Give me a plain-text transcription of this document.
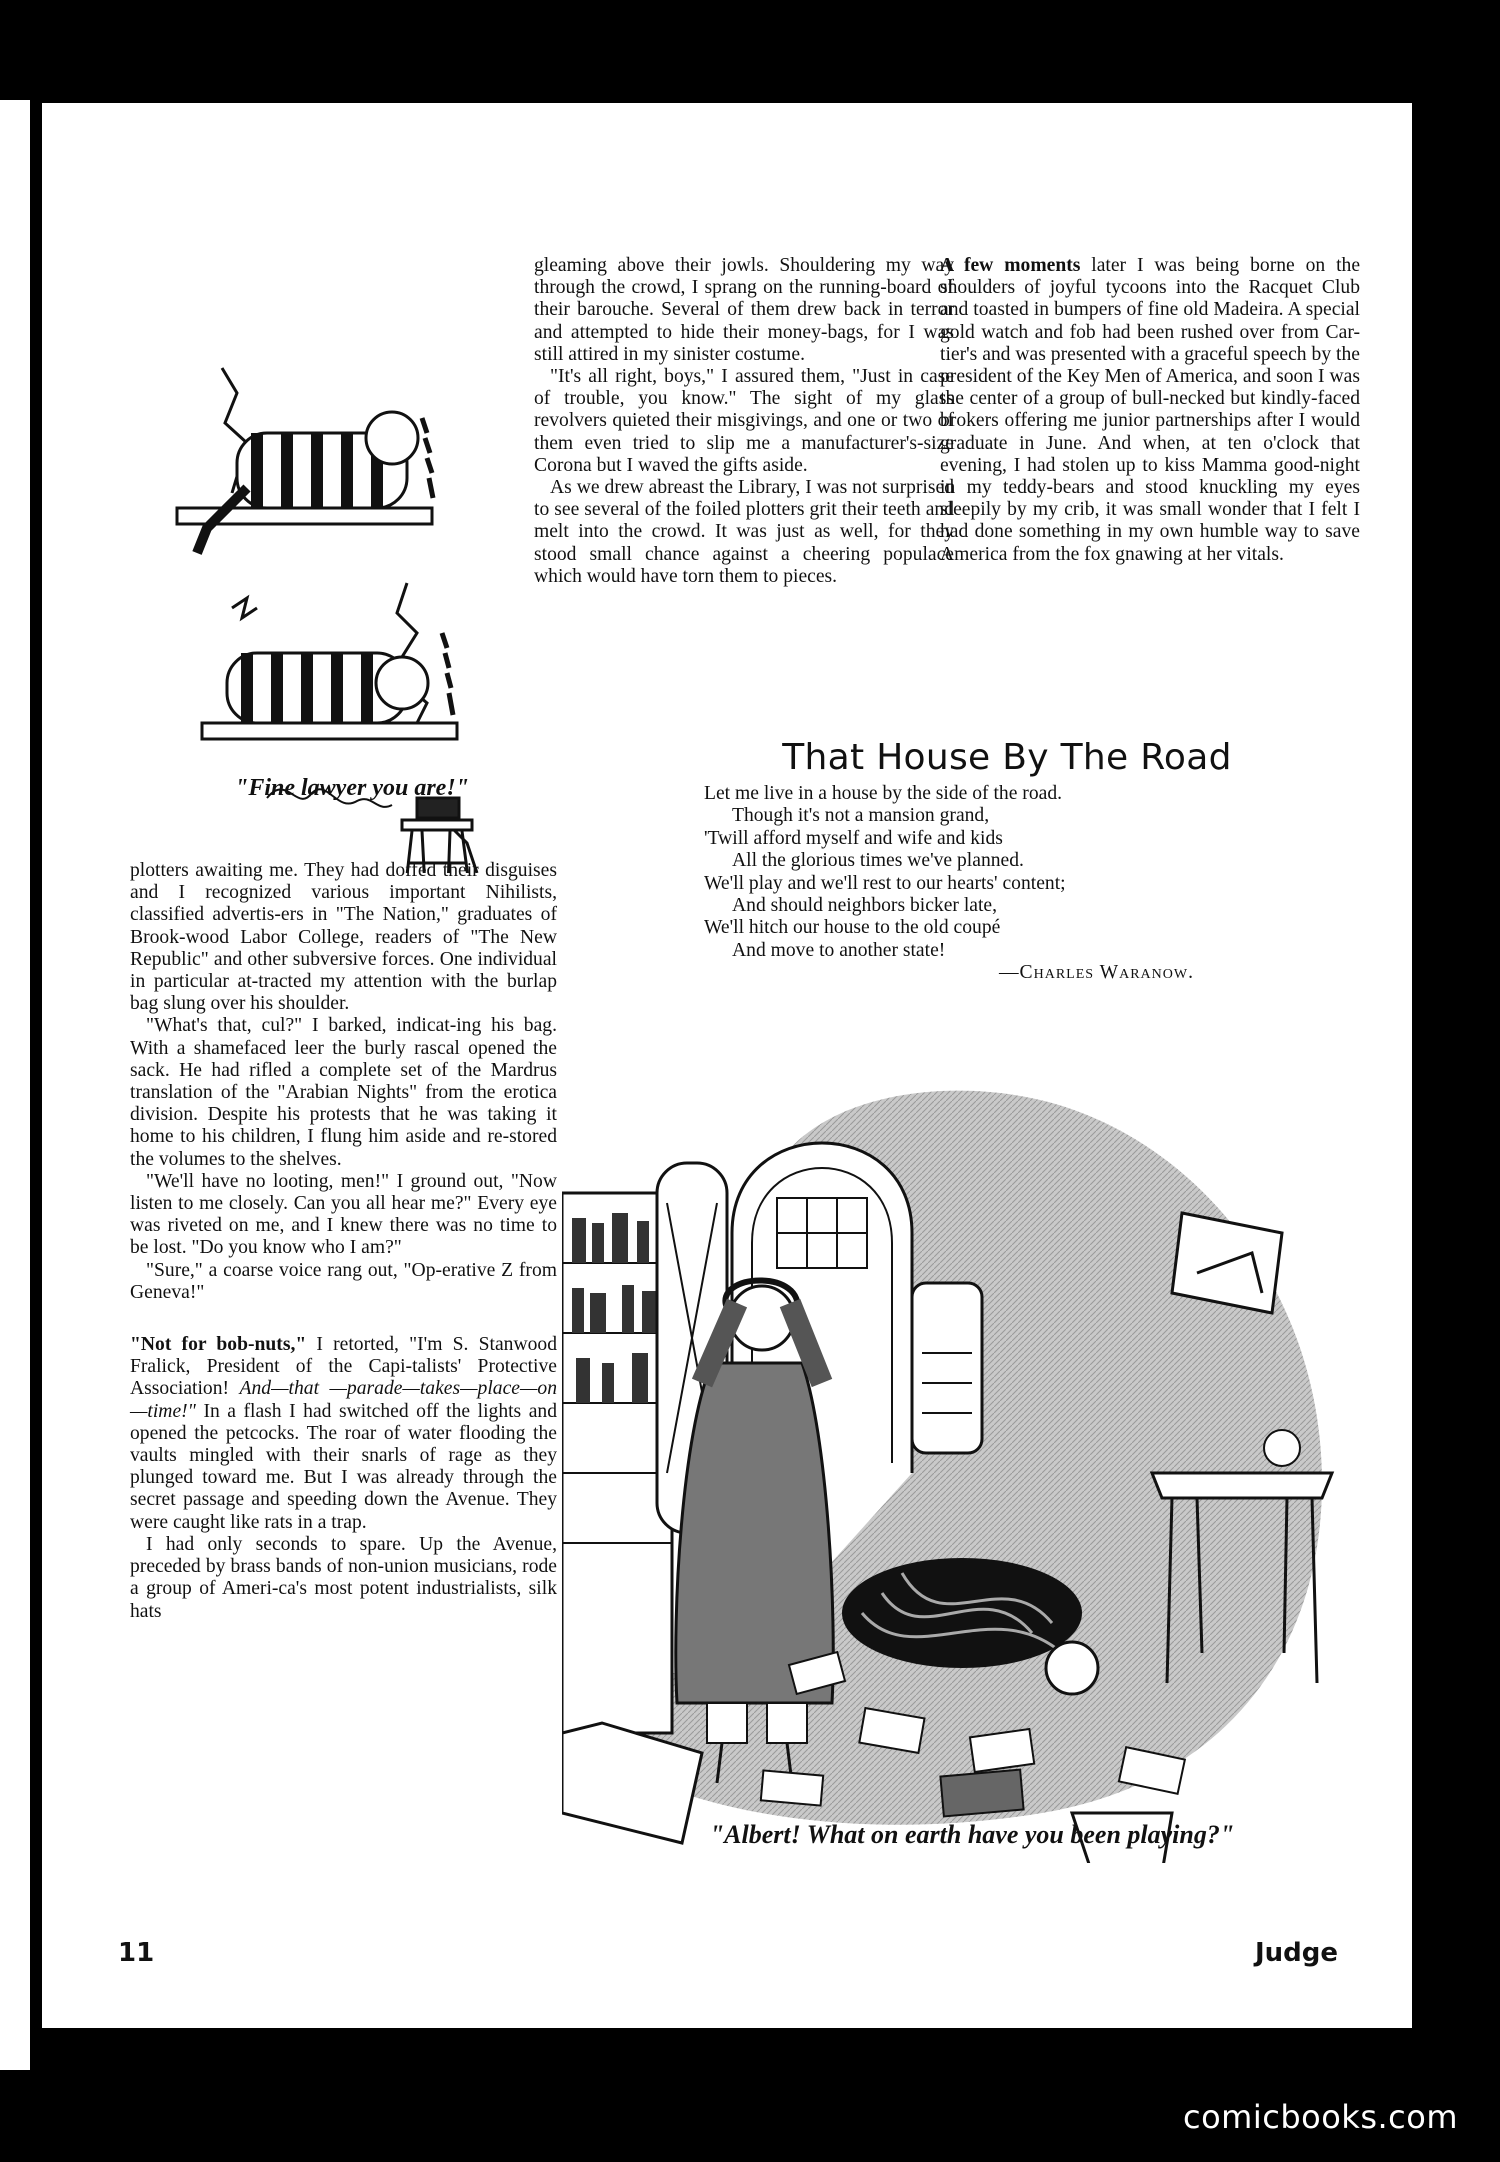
"Fine lawyer you are!"

plotters awaiting me. They had doffed their disguises and I recognized various important Nihilists, classified advertis-ers in "The Nation," graduates of Brook-wood Labor College, readers of "The New Republic" and other subversive forces. One individual in particular at-tracted my attention with the burlap bag slung over his shoulder.

"What's that, cul?" I barked, indicat-ing his bag. With a shamefaced leer the burly rascal opened the sack. He had rifled a complete set of the Mardrus translation of the "Arabian Nights" from the erotica division. Despite his protests that he was taking it home to his children, I flung him aside and re-stored the volumes to the shelves.

"We'll have no looting, men!" I ground out, "Now listen to me closely. Can you all hear me?" Every eye was riveted on me, and I knew there was no time to be lost. "Do you know who I am?"

"Sure," a coarse voice rang out, "Op-erative Z from Geneva!"

"Not for bob-nuts," I retorted, "I'm S. Stanwood Fralick, President of the Capi-talists' Protective Association! And—that —parade—takes—place—on—time!" In a flash I had switched off the lights and opened the petcocks. The roar of water flooding the vaults mingled with their snarls of rage as they plunged toward me. But I was already through the secret passage and speeding down the Avenue. They were caught like rats in a trap.

I had only seconds to spare. Up the Avenue, preceded by brass bands of non-union musicians, rode a group of Ameri-ca's most potent industrialists, silk hats

gleaming above their jowls. Shouldering my way through the crowd, I sprang on the running-board of their barouche. Several of them drew back in terror and attempted to hide their money-bags, for I was still attired in my sinister costume.

"It's all right, boys," I assured them, "Just in case of trouble, you know." The sight of my glass revolvers quieted their misgivings, and one or two of them even tried to slip me a manufacturer's-size Corona but I waved the gifts aside.

As we drew abreast the Library, I was not surprised to see several of the foiled plotters grit their teeth and melt into the crowd. It was just as well, for they stood small chance against a cheering populace which would have torn them to pieces.

A few moments later I was being borne on the shoulders of joyful tycoons into the Racquet Club and toasted in bumpers of fine old Madeira. A special gold watch and fob had been rushed over from Car-tier's and was presented with a graceful speech by the president of the Key Men of America, and soon I was the center of a group of bull-necked but kindly-faced brokers offering me junior partnerships after I would graduate in June. And when, at ten o'clock that evening, I had stolen up to kiss Mamma good-night in my teddy-bears and stood knuckling my eyes sleepily by my crib, it was small wonder that I felt I had done something in my own humble way to save America from the fox gnawing at her vitals.

That House By The Road
Let me live in a house by the side of the road.
Though it's not a mansion grand,
'Twill afford myself and wife and kids
All the glorious times we've planned.
We'll play and we'll rest to our hearts' content;
And should neighbors bicker late,
We'll hitch our house to the old coupé
And move to another state!
—Charles Waranow.
"Albert! What on earth have you been playing?"
11	Judge
comicbooks.com
